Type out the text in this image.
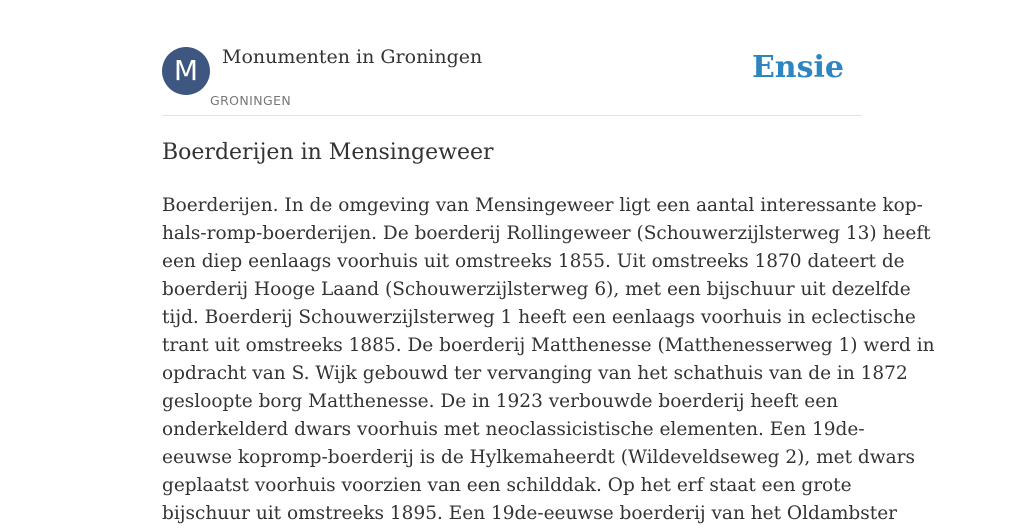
M	Monumenten in Groningen
GRONINGEN
Ensie
Boerderijen in Mensingeweer
Boerderijen. In de omgeving van Mensingeweer ligt een aantal interessante kop-
hals-romp-boerderijen. De boerderij Rollingeweer (Schouwerzijlsterweg 13) heeft
een diep eenlaags voorhuis uit omstreeks 1855. Uit omstreeks 1870 dateert de
boerderij Hooge Laand (Schouwerzijlsterweg 6), met een bijschuur uit dezelfde
tijd. Boerderij Schouwerzijlsterweg 1 heeft een eenlaags voorhuis in eclectische
trant uit omstreeks 1885. De boerderij Matthenesse (Matthenesserweg 1) werd in
opdracht van S. Wijk gebouwd ter vervanging van het schathuis van de in 1872
gesloopte borg Matthenesse. De in 1923 verbouwde boerderij heeft een
onderkelderd dwars voorhuis met neoclassicistische elementen. Een 19de-
eeuwse kopromp-boerderij is de Hylkemaheerdt (Wildeveldseweg 2), met dwars
geplaatst voorhuis voorzien van een schilddak. Op het erf staat een grote
bijschuur uit omstreeks 1895. Een 19de-eeuwse boerderij van het Oldambster
